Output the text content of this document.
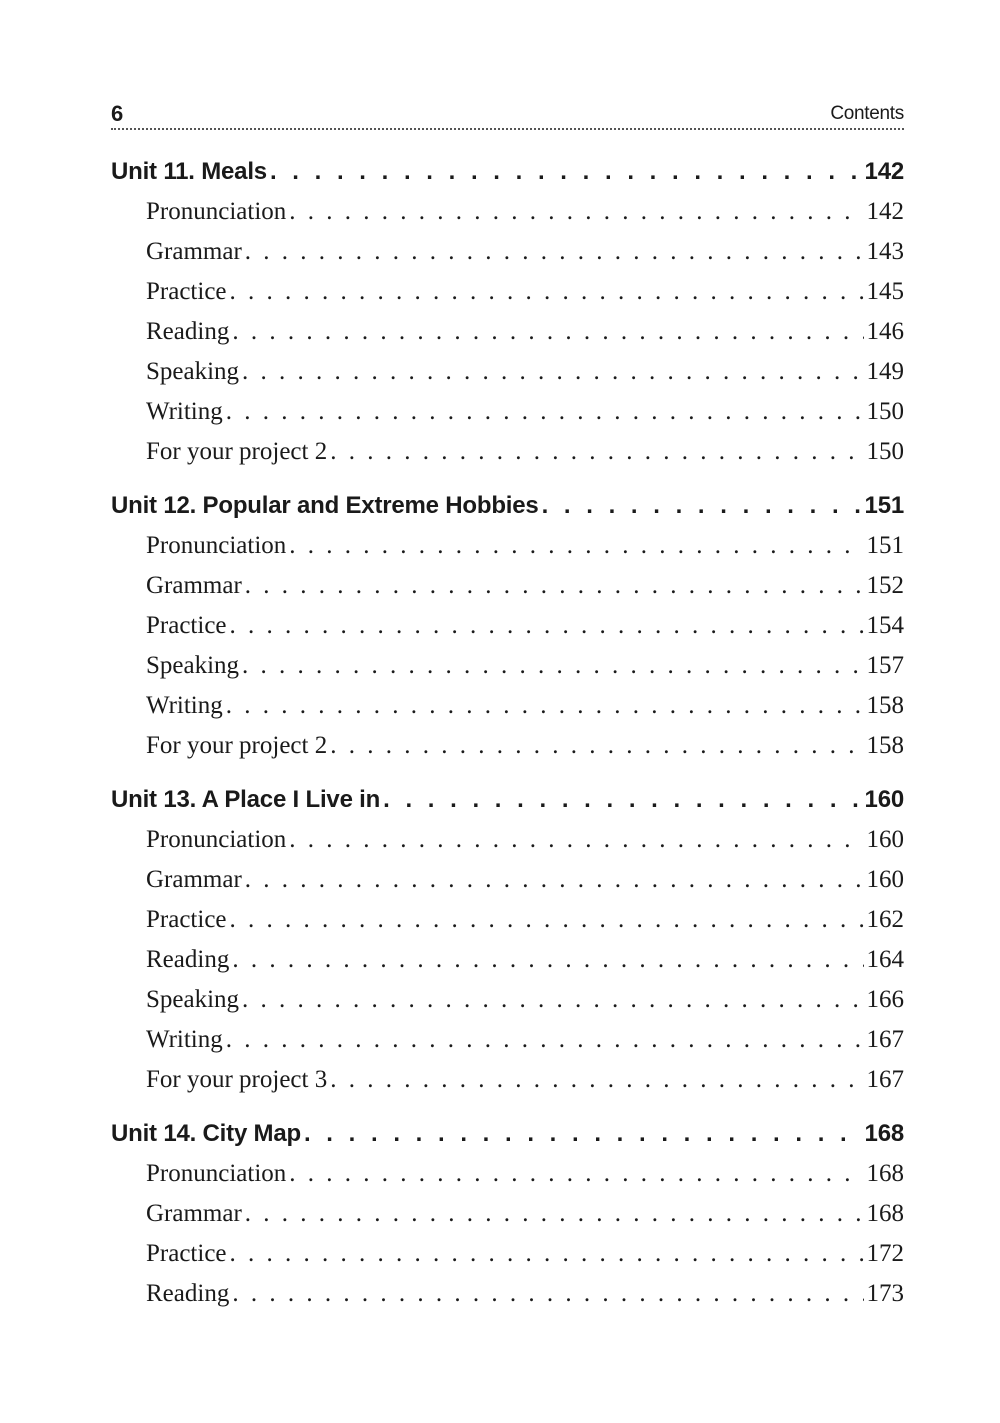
6	Contents
Unit 11. Meals . . .	142
Pronunciation . . .	142
Grammar . . .	143
Practice . . .	145
Reading . . .	146
Speaking . . .	149
Writing . . .	150
For your project 2 . . .	150
Unit 12. Popular and Extreme Hobbies . . .	151
Pronunciation . . .	151
Grammar . . .	152
Practice . . .	154
Speaking . . .	157
Writing . . .	158
For your project 2 . . .	158
Unit 13. A Place I Live in . . .	160
Pronunciation . . .	160
Grammar . . .	160
Practice . . .	162
Reading . . .	164
Speaking . . .	166
Writing . . .	167
For your project 3 . . .	167
Unit 14. City Map . . .	168
Pronunciation . . .	168
Grammar . . .	168
Practice . . .	172
Reading . . .	173
